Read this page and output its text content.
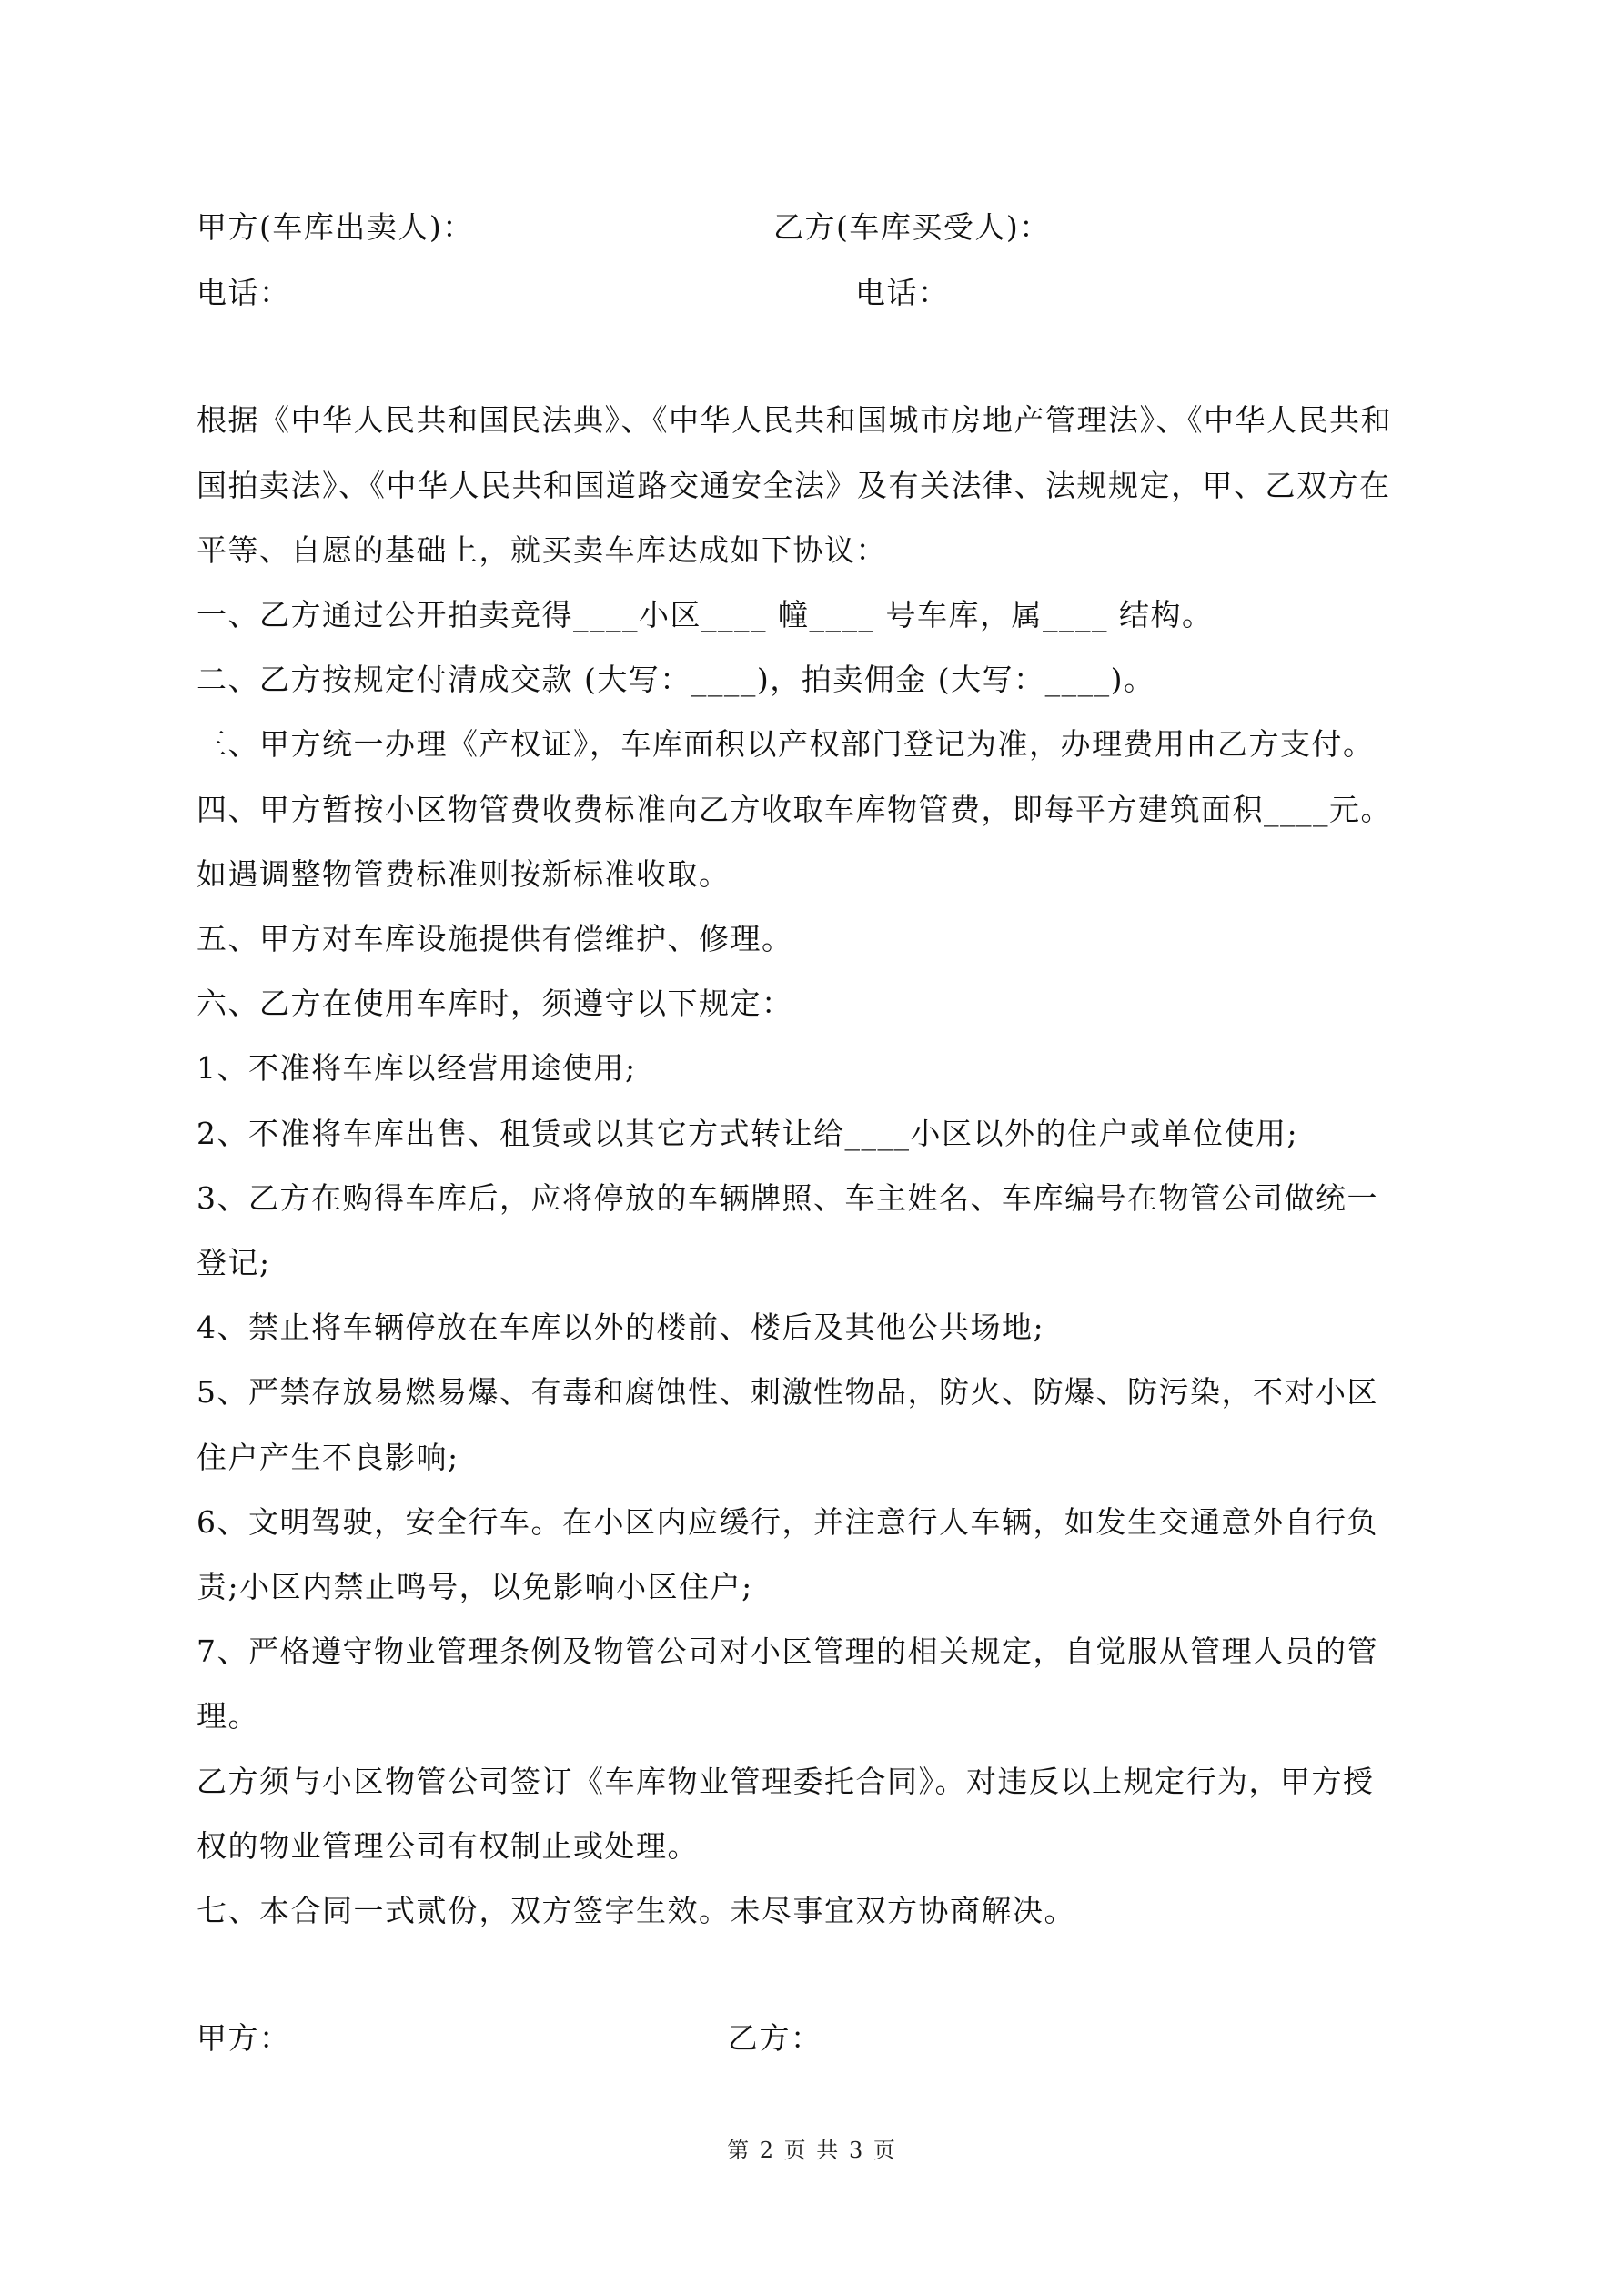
甲方(车库出卖人)：	乙方(车库买受人)：
电话：	电话：
根据《中华人民共和国民法典》、《中华人民共和国城市房地产管理法》、《中华人民共和
国拍卖法》、《中华人民共和国道路交通安全法》及有关法律、法规规定，甲、乙双方在
平等、自愿的基础上，就买卖车库达成如下协议：
一、乙方通过公开拍卖竞得____小区____ 幢____ 号车库，属____ 结构。
二、乙方按规定付清成交款 (大写：____)，拍卖佣金 (大写：____)。
三、甲方统一办理《产权证》，车库面积以产权部门登记为准，办理费用由乙方支付。
四、甲方暂按小区物管费收费标准向乙方收取车库物管费，即每平方建筑面积____元。
如遇调整物管费标准则按新标准收取。
五、甲方对车库设施提供有偿维护、修理。
六、乙方在使用车库时，须遵守以下规定：
1、不准将车库以经营用途使用;
2、不准将车库出售、租赁或以其它方式转让给____小区以外的住户或单位使用;
3、乙方在购得车库后，应将停放的车辆牌照、车主姓名、车库编号在物管公司做统一
登记;
4、禁止将车辆停放在车库以外的楼前、楼后及其他公共场地;
5、严禁存放易燃易爆、有毒和腐蚀性、刺激性物品，防火、防爆、防污染，不对小区
住户产生不良影响;
6、文明驾驶，安全行车。在小区内应缓行，并注意行人车辆，如发生交通意外自行负
责;小区内禁止鸣号，以免影响小区住户;
7、严格遵守物业管理条例及物管公司对小区管理的相关规定，自觉服从管理人员的管
理。
乙方须与小区物管公司签订《车库物业管理委托合同》。对违反以上规定行为，甲方授
权的物业管理公司有权制止或处理。
七、本合同一式贰份，双方签字生效。未尽事宜双方协商解决。
甲方：	乙方：
第 2 页 共 3 页
